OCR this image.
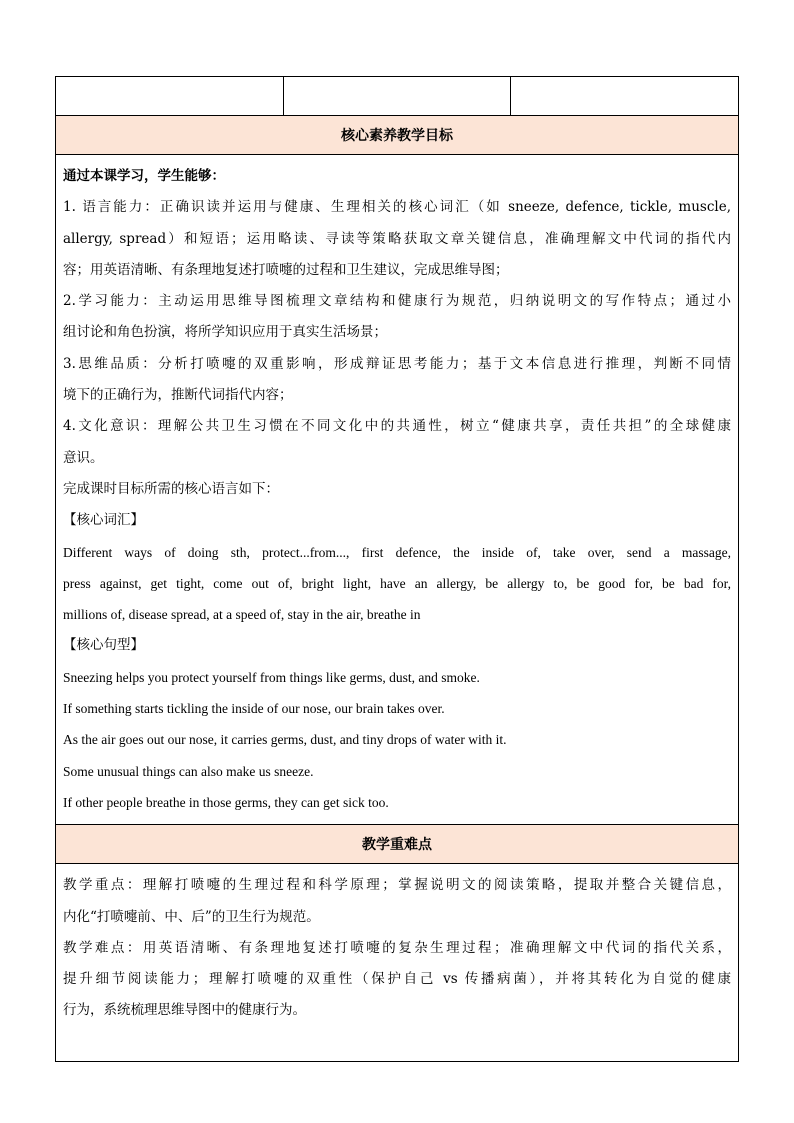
核心素养教学目标

通过本课学习，学生能够：
1. 语言能力：正确识读并运用与健康、生理相关的核心词汇（如 sneeze, defence, tickle, muscle,
allergy, spread）和短语；运用略读、寻读等策略获取文章关键信息，准确理解文中代词的指代内
容；用英语清晰、有条理地复述打喷嚏的过程和卫生建议，完成思维导图；
2.学习能力：主动运用思维导图梳理文章结构和健康行为规范，归纳说明文的写作特点；通过小
组讨论和角色扮演，将所学知识应用于真实生活场景；
3.思维品质：分析打喷嚏的双重影响，形成辩证思考能力；基于文本信息进行推理，判断不同情
境下的正确行为，推断代词指代内容；
4.文化意识：理解公共卫生习惯在不同文化中的共通性，树立“健康共享，责任共担”的全球健康
意识。
完成课时目标所需的核心语言如下：
【核心词汇】
Different ways of doing sth, protect...from..., first defence, the inside of, take over, send a massage,
press against, get tight, come out of, bright light, have an allergy, be allergy to, be good for, be bad for,
millions of, disease spread, at a speed of, stay in the air, breathe in
【核心句型】
Sneezing helps you protect yourself from things like germs, dust, and smoke.
If something starts tickling the inside of our nose, our brain takes over.
As the air goes out our nose, it carries germs, dust, and tiny drops of water with it.
Some unusual things can also make us sneeze.
If other people breathe in those germs, they can get sick too.

教学重难点

教学重点：理解打喷嚏的生理过程和科学原理；掌握说明文的阅读策略，提取并整合关键信息，
内化“打喷嚏前、中、后”的卫生行为规范。
教学难点：用英语清晰、有条理地复述打喷嚏的复杂生理过程；准确理解文中代词的指代关系，
提升细节阅读能力；理解打喷嚏的双重性（保护自己 vs 传播病菌），并将其转化为自觉的健康
行为，系统梳理思维导图中的健康行为。
